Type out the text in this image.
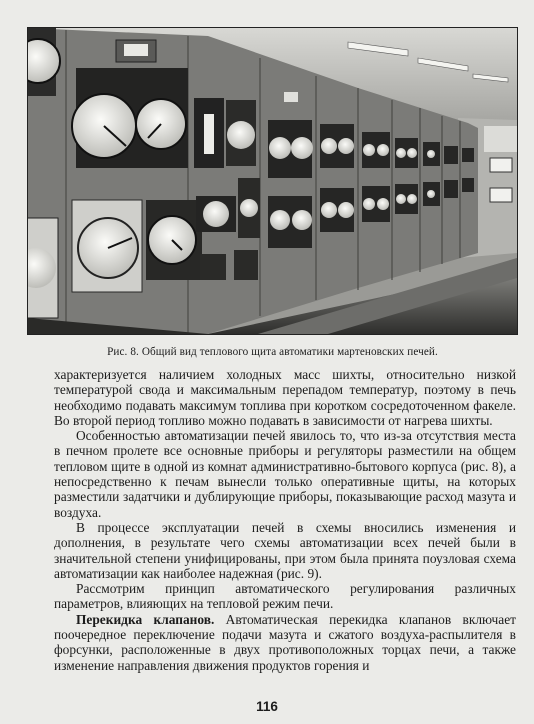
Рис. 8. Общий вид теплового щита автоматики мартеновских печей.

характеризуется наличием холодных масс шихты, относительно низкой температурой свода и максимальным перепадом температур, поэтому в печь необходимо подавать максимум топлива при коротком сосредоточенном факеле. Во второй период топливо можно подавать в зависимости от нагрева шихты.

Особенностью автоматизации печей явилось то, что из-за отсутствия места в печном пролете все основные приборы и регуляторы разместили на общем тепловом щите в одной из комнат административно-бытового корпуса (рис. 8), а непосредственно к печам вынесли только оперативные щиты, на которых разместили задатчики и дублирующие приборы, показывающие расход мазута и воздуха.

В процессе эксплуатации печей в схемы вносились изменения и дополнения, в результате чего схемы автоматизации всех печей были в значительной степени унифицированы, при этом была принята поузловая схема автоматизации как наиболее надежная (рис. 9).

Рассмотрим принцип автоматического регулирования различных параметров, влияющих на тепловой режим печи.

Перекидка клапанов. Автоматическая перекидка клапанов включает поочередное переключение подачи мазута и сжатого воздуха-распылителя в форсунки, расположенные в двух противоположных торцах печи, а также изменение направления движения продуктов горения и

116
